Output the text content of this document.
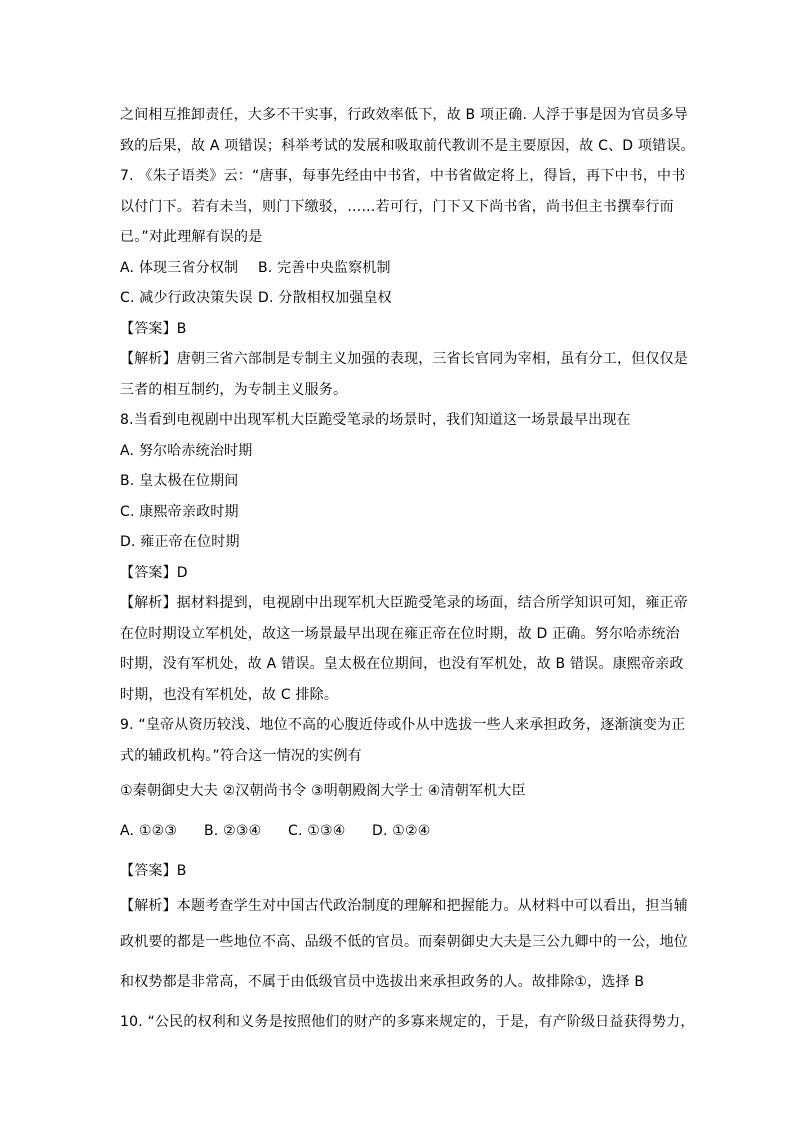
之间相互推卸责任，大多不干实事，行政效率低下，故 B 项正确. 人浮于事是因为官员多导
致的后果，故 A 项错误；科举考试的发展和吸取前代教训不是主要原因，故 C、D 项错误。
7. 《朱子语类》云：“唐事，每事先经由中书省，中书省做定将上，得旨，再下中书，中书
以付门下。若有未当，则门下缴驳，……若可行，门下又下尚书省，尚书但主书撰奉行而
已。”对此理解有误的是
A. 体现三省分权制 B. 完善中央监察机制
C. 减少行政决策失误 D. 分散相权加强皇权
【答案】B
【解析】唐朝三省六部制是专制主义加强的表现，三省长官同为宰相，虽有分工，但仅仅是
三者的相互制约，为专制主义服务。
8.当看到电视剧中出现军机大臣跪受笔录的场景时，我们知道这一场景最早出现在
A. 努尔哈赤统治时期
B. 皇太极在位期间
C. 康熙帝亲政时期
D. 雍正帝在位时期
【答案】D
【解析】据材料提到，电视剧中出现军机大臣跪受笔录的场面，结合所学知识可知，雍正帝
在位时期设立军机处，故这一场景最早出现在雍正帝在位时期，故 D 正确。努尔哈赤统治
时期，没有军机处，故 A 错误。皇太极在位期间，也没有军机处，故 B 错误。康熙帝亲政
时期，也没有军机处，故 C 排除。
9. “皇帝从资历较浅、地位不高的心腹近侍或仆从中选拔一些人来承担政务，逐渐演变为正
式的辅政机构。”符合这一情况的实例有
①秦朝御史大夫 ②汉朝尚书令 ③明朝殿阁大学士 ④清朝军机大臣
A. ①②③ B. ②③④ C. ①③④ D. ①②④
【答案】B
【解析】本题考查学生对中国古代政治制度的理解和把握能力。从材料中可以看出，担当辅
政机要的都是一些地位不高、品级不低的官员。而秦朝御史大夫是三公九卿中的一公，地位
和权势都是非常高，不属于由低级官员中选拔出来承担政务的人。故排除①，选择 B
10. “公民的权利和义务是按照他们的财产的多寡来规定的，于是，有产阶级日益获得势力，
